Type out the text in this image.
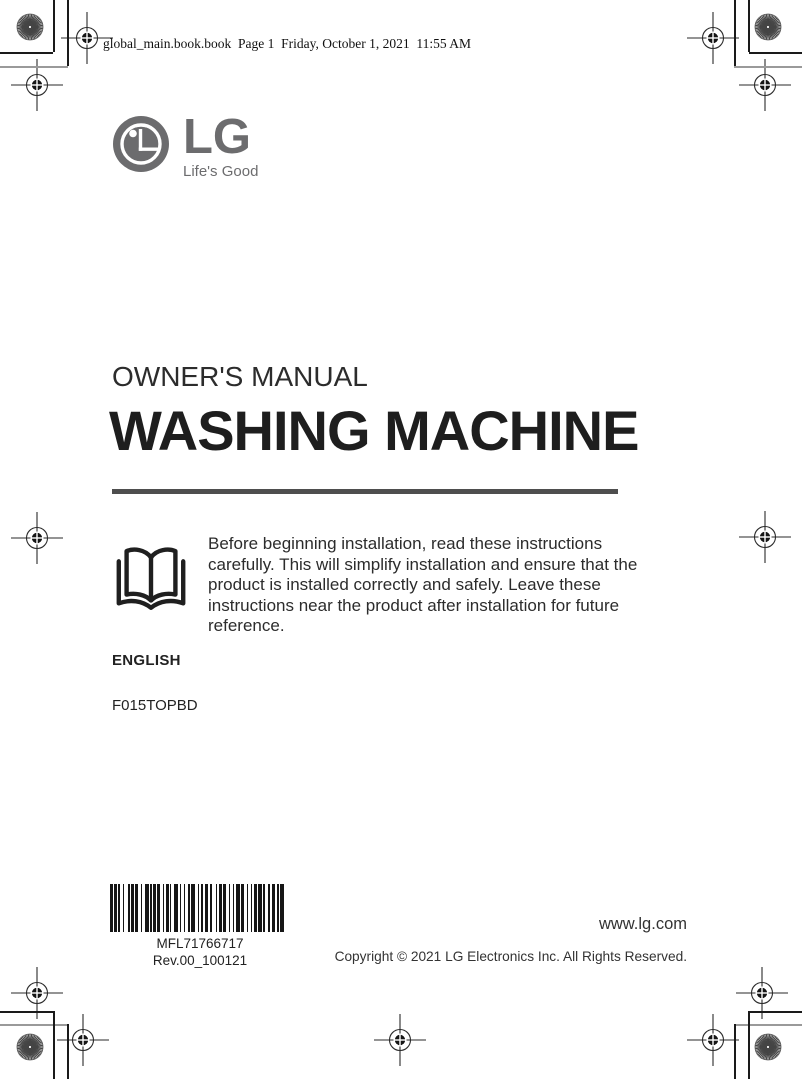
global_main.book.book  Page 1  Friday, October 1, 2021  11:55 AM
LG
Life's Good
OWNER'S MANUAL
WASHING MACHINE

Before beginning installation, read these instructions carefully. This will simplify installation and ensure that the product is installed correctly and safely. Leave these instructions near the product after installation for future reference.

ENGLISH
F015TOPBD
MFL71766717
Rev.00_100121
www.lg.com
Copyright © 2021 LG Electronics Inc. All Rights Reserved.
